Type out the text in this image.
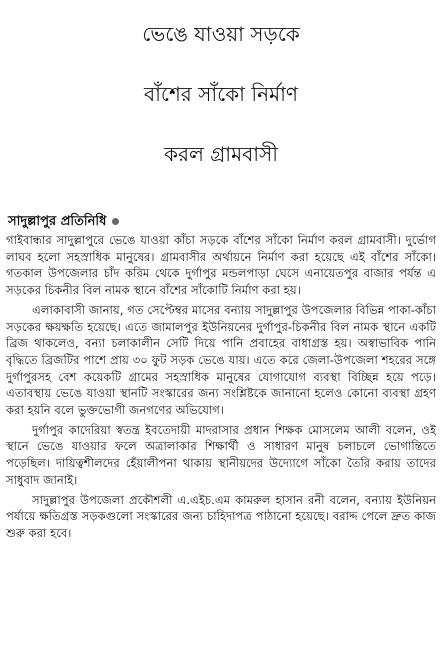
ভেঙে যাওয়া সড়কে
বাঁশের সাঁকো নির্মাণ
করল গ্রামবাসী
সাদুল্লাপুর প্রতিনিধি

গাইবান্ধার সাদুল্লাপুরে ভেঙে যাওয়া কাঁচা সড়কে বাঁশের সাঁকো নির্মাণ করল গ্রামবাসী। দুর্ভোগ লাঘব হলো সহস্রাধিক মানুষের। গ্রামবাসীর অর্থায়নে নির্মাণ করা হয়েছে এই বাঁশের সাঁকো। গতকাল উপজেলার চাঁদ করিম থেকে দুর্গাপুর মন্ডলপাড়া ঘেসে এনায়েতপুর বাজার পর্যন্ত এ সড়কের চিকনীর বিল নামক স্থানে বাঁশের সাঁকোটি নির্মাণ করা হয়।

এলাকাবাসী জানায়, গত সেপ্টেম্বর মাসের বন্যায় সাদুল্লাপুর উপজেলার বিভিন্ন পাকা-কাঁচা সড়কের ক্ষয়ক্ষতি হয়েছে। এতে জামালপুর ইউনিয়নের দুর্গাপুর-চিকনীর বিল নামক স্থানে একটি ব্রিজ থাকলেও, বন্যা চলাকালীন সেটি দিয়ে পানি প্রবাহের বাধাগ্রস্ত হয়। অস্বাভাবিক পানি বৃদ্ধিতে ব্রিজটির পাশে প্রায় ৩০ ফুট সড়ক ভেঙে যায়। এতে করে জেলা-উপজেলা শহরের সঙ্গে দুর্গাপুরসহ বেশ কয়েকটি গ্রামের সহস্রাধিক মানুষের যোগাযোগ ব্যবস্থা বিচ্ছিন্ন হয়ে পড়ে। এতাবস্থায় ভেঙে যাওয়া স্থানটি সংস্কারের জন্য সংশ্লিষ্টকে জানানো হলেও কোনো ব্যবস্থা গ্রহণ করা হয়নি বলে ভুক্তভোগী জনগণের অভিযোগ।

দুর্গাপুর কাদেরিয়া স্বতন্ত্র ইবতেদায়ী মাদরাসার প্রধান শিক্ষক মোসলেম আলী বলেন, ওই স্থানে ভেঙে যাওয়ার ফলে অত্রালাকার শিক্ষার্থী ও সাধারণ মানুষ চলাচলে ভোগান্তিতে পড়েছিল। দায়িত্বশীলদের হেঁয়ালীপনা থাকায় স্থানীয়দের উদ্যোগে সাঁকো তৈরি করায় তাদের সাধুবাদ জানাই।

সাদুল্লাপুর উপজেলা প্রকৌশলী এ.এইচ.এম কামরুল হাসান রনী বলেন, বন্যায় ইউনিয়ন পর্যায়ে ক্ষতিগ্রস্ত সড়কগুলো সংস্কারের জন্য চাহিদাপত্র পাঠানো হয়েছে। বরাদ্দ পেলে দ্রুত কাজ শুরু করা হবে।
